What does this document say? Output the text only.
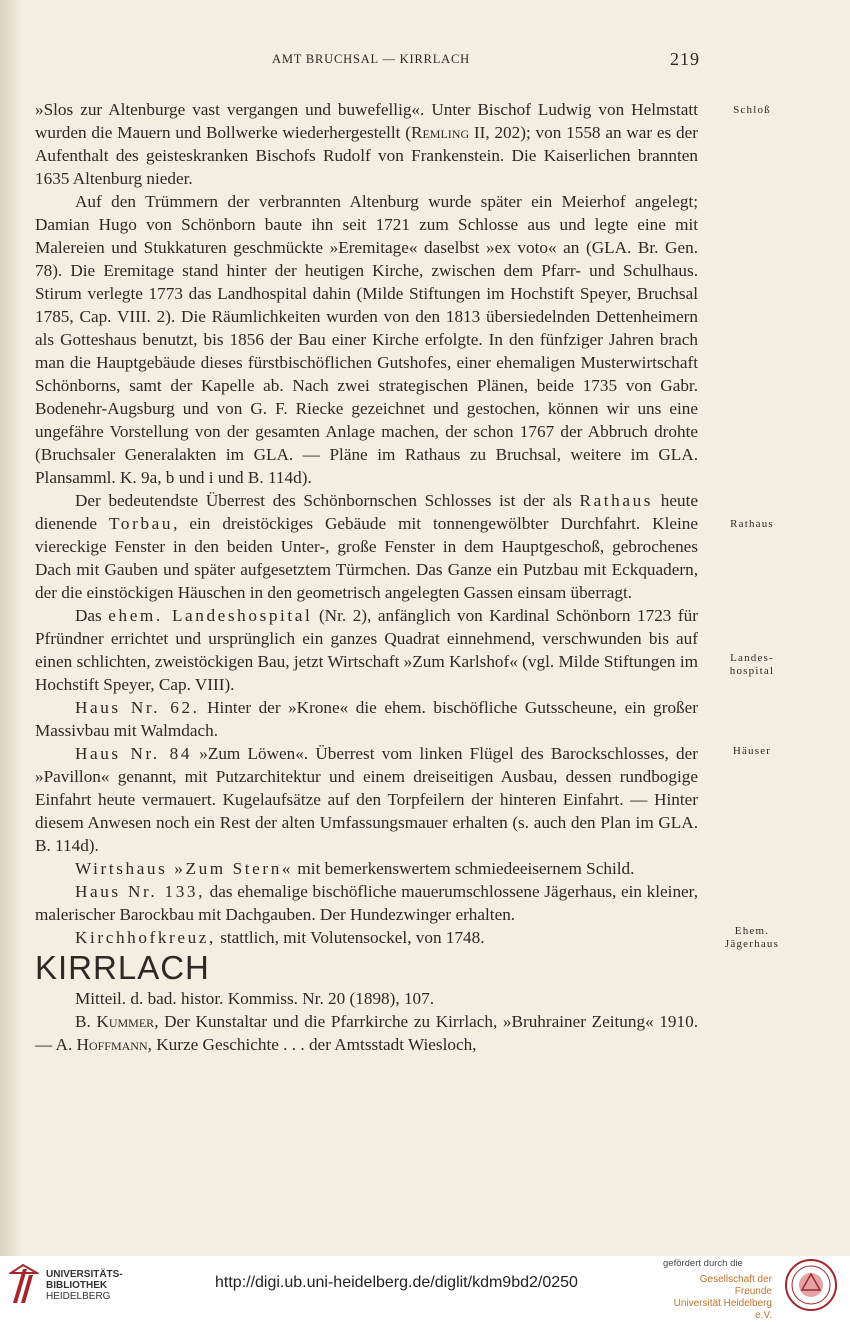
AMT BRUCHSAL — KIRRLACH	219
Schloß
Rathaus
Landes-
hospital
Häuser
Ehem.
Jägerhaus

»Slos zur Altenburge vast vergangen und buwefellig«. Unter Bischof Ludwig von Helmstatt wurden die Mauern und Bollwerke wiederhergestellt (Remling II, 202); von 1558 an war es der Aufenthalt des geisteskranken Bischofs Rudolf von Frankenstein. Die Kaiserlichen brannten 1635 Altenburg nieder.

Auf den Trümmern der verbrannten Altenburg wurde später ein Meierhof angelegt; Damian Hugo von Schönborn baute ihn seit 1721 zum Schlosse aus und legte eine mit Malereien und Stukkaturen geschmückte »Eremitage« daselbst »ex voto« an (GLA. Br. Gen. 78). Die Eremitage stand hinter der heutigen Kirche, zwischen dem Pfarr- und Schulhaus. Stirum verlegte 1773 das Landhospital dahin (Milde Stiftungen im Hochstift Speyer, Bruchsal 1785, Cap. VIII. 2). Die Räumlichkeiten wurden von den 1813 übersiedelnden Dettenheimern als Gotteshaus benutzt, bis 1856 der Bau einer Kirche erfolgte. In den fünfziger Jahren brach man die Hauptgebäude dieses fürstbischöflichen Gutshofes, einer ehemaligen Musterwirtschaft Schönborns, samt der Kapelle ab. Nach zwei strategischen Plänen, beide 1735 von Gabr. Bodenehr-Augsburg und von G. F. Riecke gezeichnet und gestochen, können wir uns eine ungefähre Vorstellung von der gesamten Anlage machen, der schon 1767 der Abbruch drohte (Bruchsaler Generalakten im GLA. — Pläne im Rathaus zu Bruchsal, weitere im GLA. Plansamml. K. 9a, b und i und B. 114d).

Der bedeutendste Überrest des Schönbornschen Schlosses ist der als Rathaus heute dienende Torbau, ein dreistöckiges Gebäude mit tonnengewölbter Durchfahrt. Kleine viereckige Fenster in den beiden Unter-, große Fenster in dem Hauptgeschoß, gebrochenes Dach mit Gauben und später aufgesetztem Türmchen. Das Ganze ein Putzbau mit Eckquadern, der die einstöckigen Häuschen in den geometrisch angelegten Gassen einsam überragt.

Das ehem. Landeshospital (Nr. 2), anfänglich von Kardinal Schönborn 1723 für Pfründner errichtet und ursprünglich ein ganzes Quadrat einnehmend, verschwunden bis auf einen schlichten, zweistöckigen Bau, jetzt Wirtschaft »Zum Karlshof« (vgl. Milde Stiftungen im Hochstift Speyer, Cap. VIII).

Haus Nr. 62. Hinter der »Krone« die ehem. bischöfliche Gutsscheune, ein großer Massivbau mit Walmdach.

Haus Nr. 84 »Zum Löwen«. Überrest vom linken Flügel des Barockschlosses, der »Pavillon« genannt, mit Putzarchitektur und einem dreiseitigen Ausbau, dessen rundbogige Einfahrt heute vermauert. Kugelaufsätze auf den Torpfeilern der hinteren Einfahrt. — Hinter diesem Anwesen noch ein Rest der alten Umfassungsmauer erhalten (s. auch den Plan im GLA. B. 114d).

Wirtshaus »Zum Stern« mit bemerkenswertem schmiedeeisernem Schild.

Haus Nr. 133, das ehemalige bischöfliche mauerumschlossene Jägerhaus, ein kleiner, malerischer Barockbau mit Dachgauben. Der Hundezwinger erhalten.

Kirchhofkreuz, stattlich, mit Volutensockel, von 1748.

KIRRLACH

Mitteil. d. bad. histor. Kommiss. Nr. 20 (1898), 107.

B. Kummer, Der Kunstaltar und die Pfarrkirche zu Kirrlach, »Bruhrainer Zeitung« 1910. — A. Hoffmann, Kurze Geschichte . . . der Amtsstadt Wiesloch,

UNIVERSITÄTS-
BIBLIOTHEK
HEIDELBERG
http://digi.ub.uni-heidelberg.de/diglit/kdm9bd2/0250
gefördert durch die
Gesellschaft der Freunde
Universität Heidelberg e.V.
